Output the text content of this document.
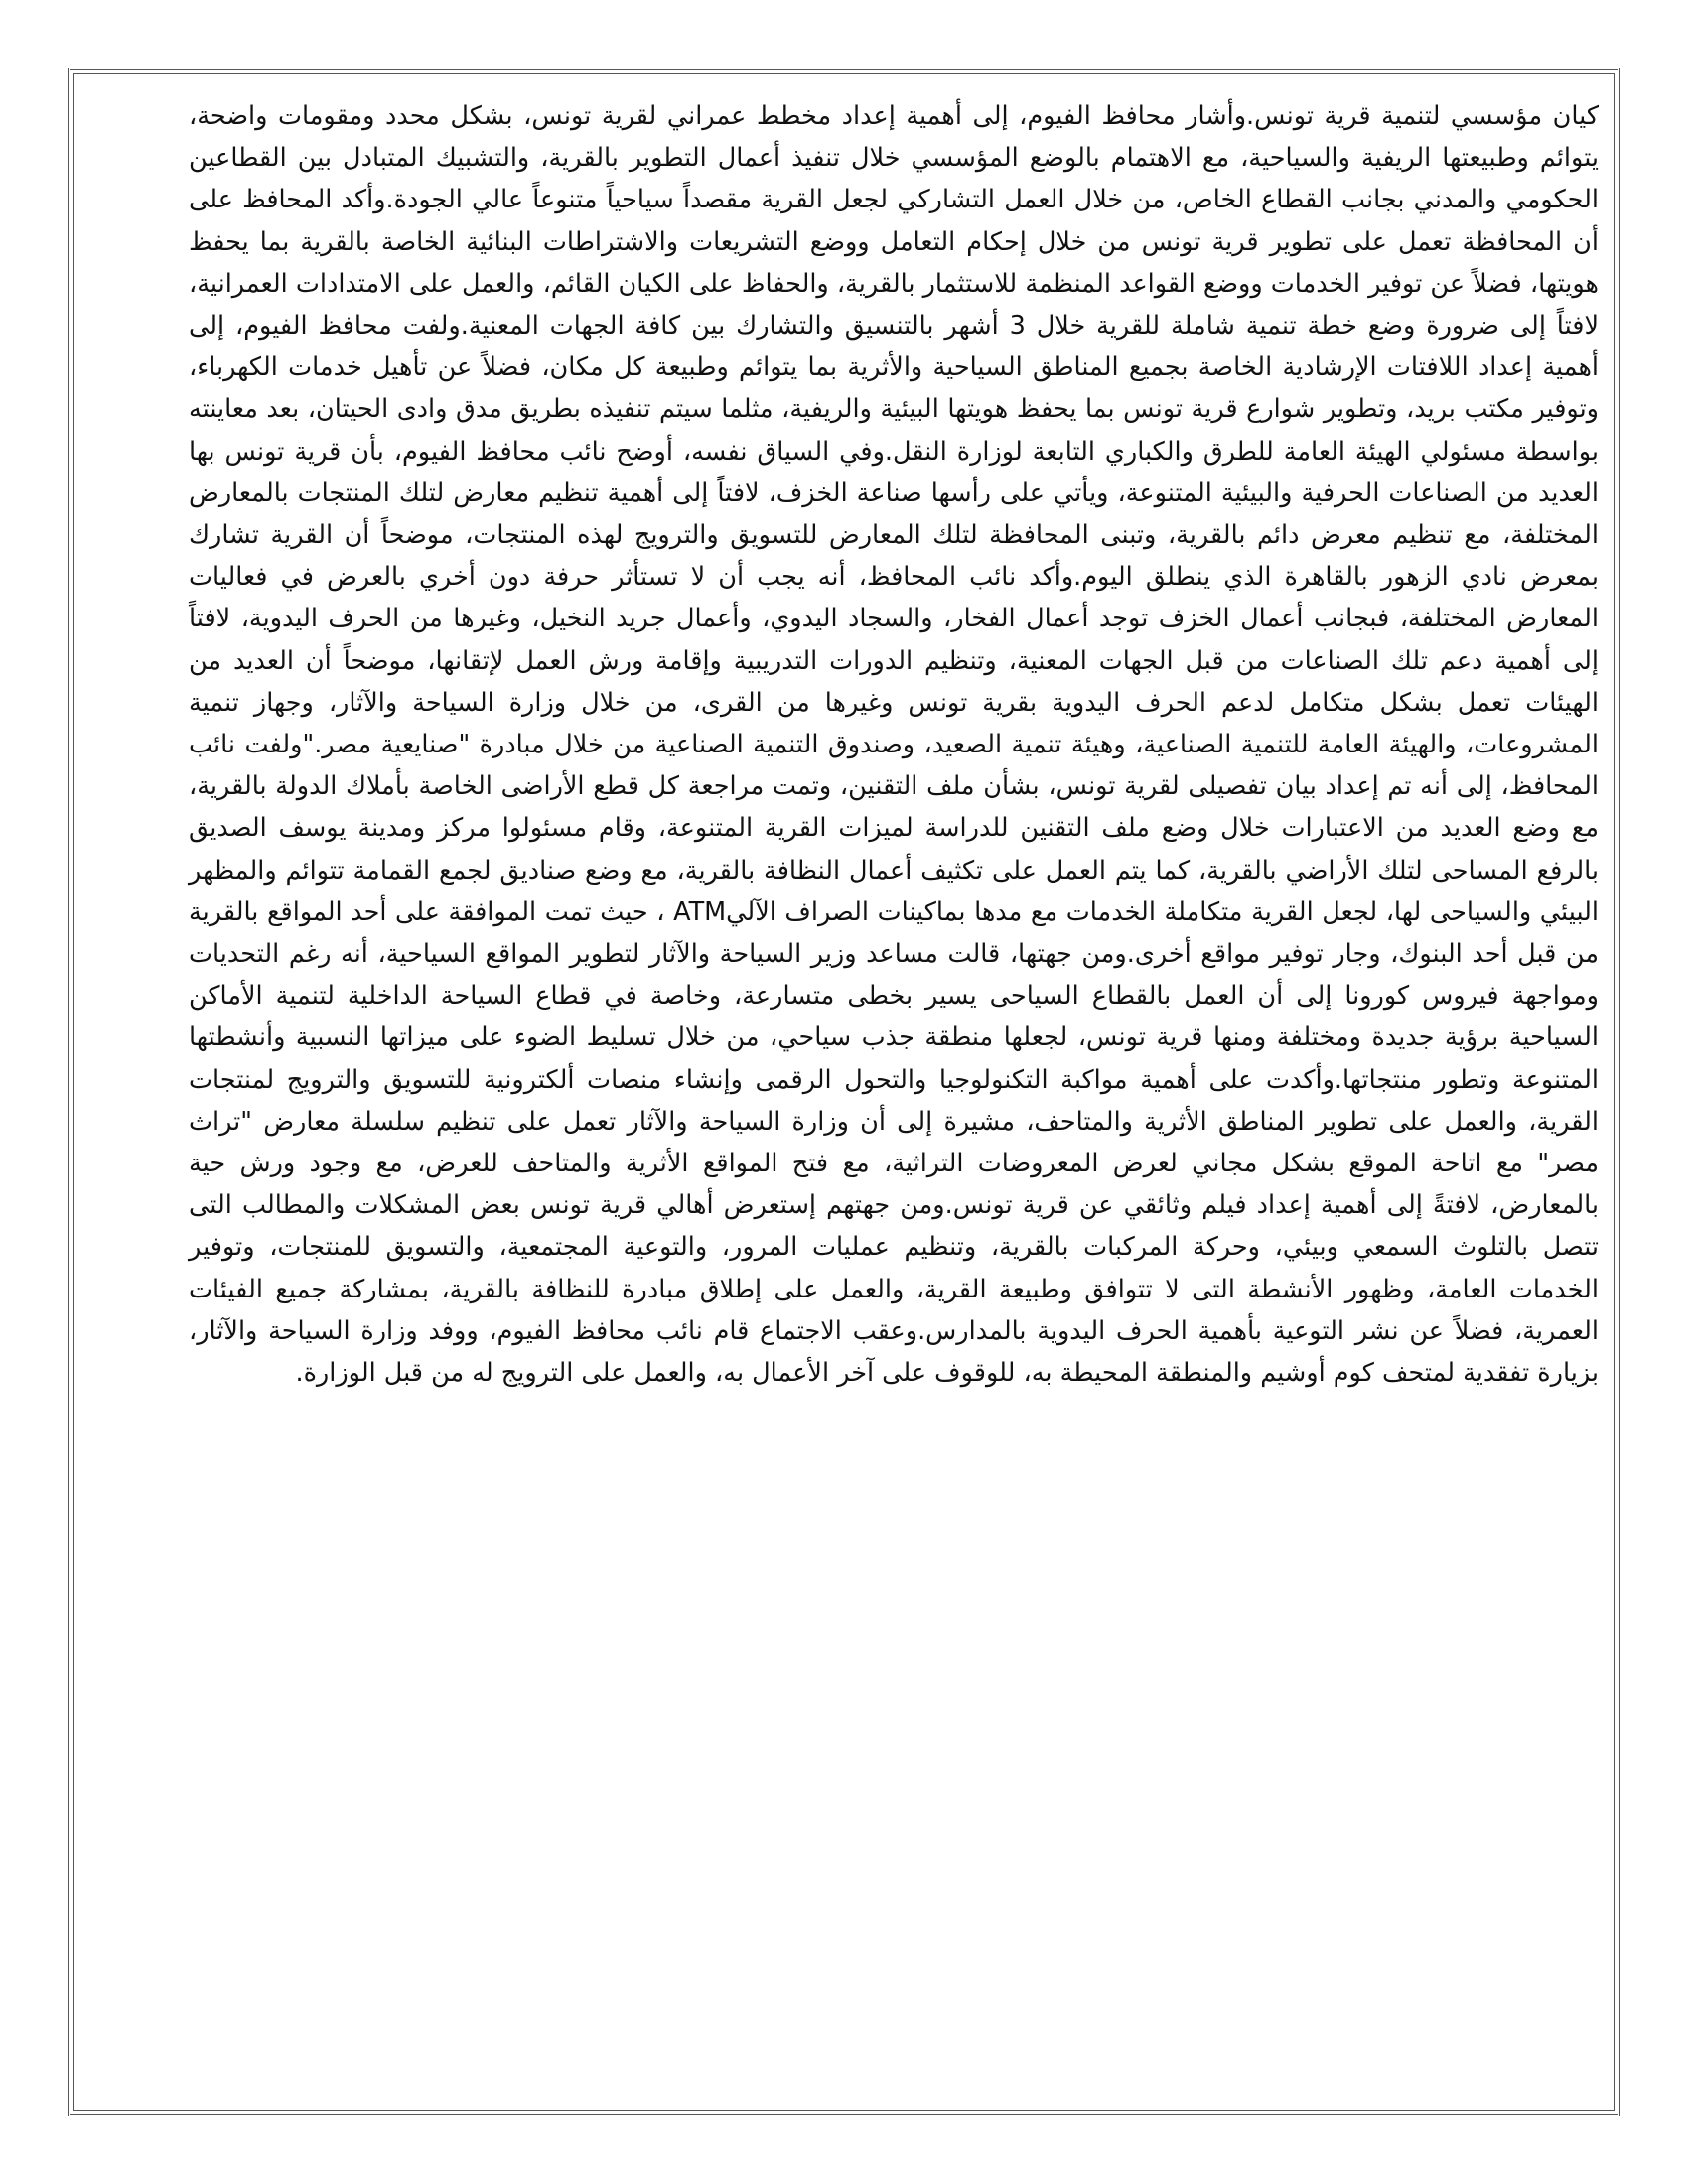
كيان مؤسسي لتنمية قرية تونس.وأشار محافظ الفيوم، إلى أهمية إعداد مخطط عمراني لقرية تونس، بشكل محدد ومقومات واضحة، يتوائم وطبيعتها الريفية والسياحية، مع الاهتمام بالوضع المؤسسي خلال تنفيذ أعمال التطوير بالقرية، والتشبيك المتبادل بين القطاعين الحكومي والمدني بجانب القطاع الخاص، من خلال العمل التشاركي لجعل القرية مقصداً سياحياً متنوعاً عالي الجودة.وأكد المحافظ على أن المحافظة تعمل على تطوير قرية تونس من خلال إحكام التعامل ووضع التشريعات والاشتراطات البنائية الخاصة بالقرية بما يحفظ هويتها، فضلاً عن توفير الخدمات ووضع القواعد المنظمة للاستثمار بالقرية، والحفاظ على الكيان القائم، والعمل على الامتدادات العمرانية، لافتاً إلى ضرورة وضع خطة تنمية شاملة للقرية خلال 3 أشهر بالتنسيق والتشارك بين كافة الجهات المعنية.ولفت محافظ الفيوم، إلى أهمية إعداد اللافتات الإرشادية الخاصة بجميع المناطق السياحية والأثرية بما يتوائم وطبيعة كل مكان، فضلاً عن تأهيل خدمات الكهرباء، وتوفير مكتب بريد، وتطوير شوارع قرية تونس بما يحفظ هويتها البيئية والريفية، مثلما سيتم تنفيذه بطريق مدق وادى الحيتان، بعد معاينته بواسطة مسئولي الهيئة العامة للطرق والكباري التابعة لوزارة النقل.وفي السياق نفسه، أوضح نائب محافظ الفيوم، بأن قرية تونس بها العديد من الصناعات الحرفية والبيئية المتنوعة، ويأتي على رأسها صناعة الخزف، لافتاً إلى أهمية تنظيم معارض لتلك المنتجات بالمعارض المختلفة، مع تنظيم معرض دائم بالقرية، وتبنى المحافظة لتلك المعارض للتسويق والترويج لهذه المنتجات، موضحاً أن القرية تشارك بمعرض نادي الزهور بالقاهرة الذي ينطلق اليوم.وأكد نائب المحافظ، أنه يجب أن لا تستأثر حرفة دون أخري بالعرض في فعاليات المعارض المختلفة، فبجانب أعمال الخزف توجد أعمال الفخار، والسجاد اليدوي، وأعمال جريد النخيل، وغيرها من الحرف اليدوية، لافتاً إلى أهمية دعم تلك الصناعات من قبل الجهات المعنية، وتنظيم الدورات التدريبية وإقامة ورش العمل لإتقانها، موضحاً أن العديد من الهيئات تعمل بشكل متكامل لدعم الحرف اليدوية بقرية تونس وغيرها من القرى، من خلال وزارة السياحة والآثار، وجهاز تنمية المشروعات، والهيئة العامة للتنمية الصناعية، وهيئة تنمية الصعيد، وصندوق التنمية الصناعية من خلال مبادرة "صنايعية مصر."ولفت نائب المحافظ، إلى أنه تم إعداد بيان تفصيلى لقرية تونس، بشأن ملف التقنين، وتمت مراجعة كل قطع الأراضى الخاصة بأملاك الدولة بالقرية، مع وضع العديد من الاعتبارات خلال وضع ملف التقنين للدراسة لميزات القرية المتنوعة، وقام مسئولوا مركز ومدينة يوسف الصديق بالرفع المساحى لتلك الأراضي بالقرية، كما يتم العمل على تكثيف أعمال النظافة بالقرية، مع وضع صناديق لجمع القمامة تتوائم والمظهر البيئي والسياحى لها، لجعل القرية متكاملة الخدمات مع مدها بماكينات الصراف الآليATM ، حيث تمت الموافقة على أحد المواقع بالقرية من قبل أحد البنوك، وجار توفير مواقع أخرى.ومن جهتها، قالت مساعد وزير السياحة والآثار لتطوير المواقع السياحية، أنه رغم التحديات ومواجهة فيروس كورونا إلى أن العمل بالقطاع السياحى يسير بخطى متسارعة، وخاصة في قطاع السياحة الداخلية لتنمية الأماكن السياحية برؤية جديدة ومختلفة ومنها قرية تونس، لجعلها منطقة جذب سياحي، من خلال تسليط الضوء على ميزاتها النسبية وأنشطتها المتنوعة وتطور منتجاتها.وأكدت على أهمية مواكبة التكنولوجيا والتحول الرقمى وإنشاء منصات ألكترونية للتسويق والترويج لمنتجات القرية، والعمل على تطوير المناطق الأثرية والمتاحف، مشيرة إلى أن وزارة السياحة والآثار تعمل على تنظيم سلسلة معارض "تراث مصر" مع اتاحة الموقع بشكل مجاني لعرض المعروضات التراثية، مع فتح المواقع الأثرية والمتاحف للعرض، مع وجود ورش حية بالمعارض، لافتةً إلى أهمية إعداد فيلم وثائقي عن قرية تونس.ومن جهتهم إستعرض أهالي قرية تونس بعض المشكلات والمطالب التى تتصل بالتلوث السمعي وبيئي، وحركة المركبات بالقرية، وتنظيم عمليات المرور، والتوعية المجتمعية، والتسويق للمنتجات، وتوفير الخدمات العامة، وظهور الأنشطة التى لا تتوافق وطبيعة القرية، والعمل على إطلاق مبادرة للنظافة بالقرية، بمشاركة جميع الفيئات العمرية، فضلاً عن نشر التوعية بأهمية الحرف اليدوية بالمدارس.وعقب الاجتماع قام نائب محافظ الفيوم، ووفد وزارة السياحة والآثار، بزيارة تفقدية لمتحف كوم أوشيم والمنطقة المحيطة به، للوقوف على آخر الأعمال به، والعمل على الترويج له من قبل الوزارة.
